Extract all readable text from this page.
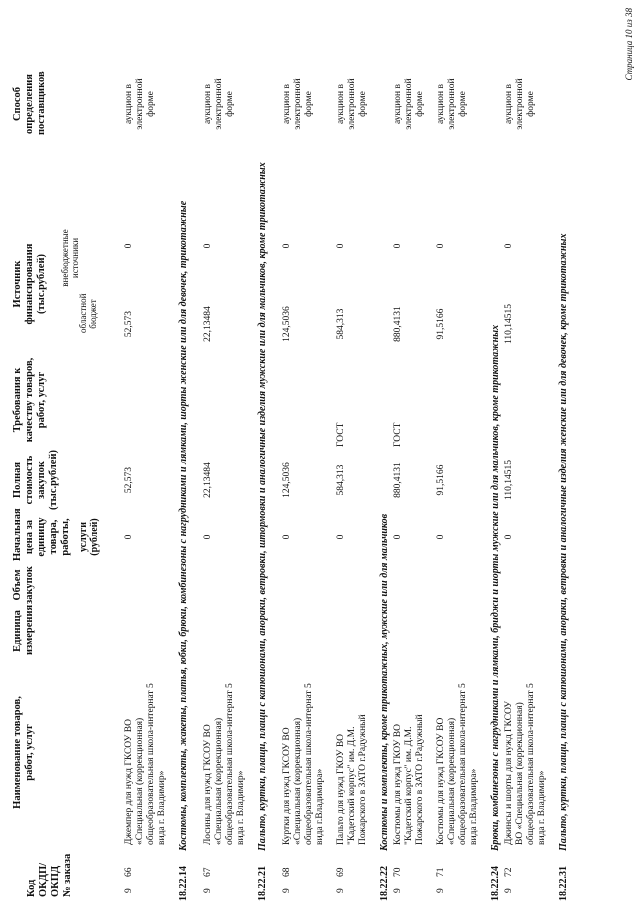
Код
ОКДП/
ОКПД
№ заказа
Наименование товаров,
работ, услуг
Единица
измерения
Объем
закупок
Начальная
цена за
единицу
товара,
работы, услуги
(рублей)
Полная
стоимость
закупок
(тыс.рублей)
Требования к
качеству товаров,
работ, услуг
Источник
финансирования
(тыс.рублей)	областной
бюджет
внебюджетные
источники
Способ
определения
поставщиков
9
66
Джемпер для нужд ГКСОУ ВО
«Специальная (коррекционная)
общеобразовательная школа-интернат 5
вида г. Владимир»
0
52,573
52,573
0
аукцион в
электронной
форме
18.22.14Костюмы, комплекты, жакеты, платья, юбки, брюки, комбинезоны с нагрудниками и лямками, шорты женские или для девочек, трикотажные
9
67
Лосины для нужд ГКСОУ ВО
«Специальная (коррекционная)
общеобразовательная школа-интернат 5
вида г. Владимир»
0
22,13484
22,13484
0
аукцион в
электронной
форме
18.22.21Пальто, куртки, плащи, плащи с капюшонами, анораки, ветровки, штормовки и аналогичные изделия мужские или для мальчиков, кроме трикотажных
9
68
Куртки для нужд ГКСОУ ВО
«Специальная (коррекционная)
общеобразовательная школа-интернат 5
вида г.Владимира»
0
124,5036
124,5036
0
аукцион в
электронной
форме
9
69
Пальто для нужд ГКОУ ВО
"Кадетский корпус" им. Д.М.
Пожарского в ЗАТО г.Радужный
0
584,313
ГОСТ
584,313
0
аукцион в
электронной
форме
18.22.22Костюмы и комплекты, кроме трикотажных, мужские или для мальчиков
9
70
Костюмы для нужд ГКОУ ВО
"Кадетский корпус" им. Д.М.
Пожарского в ЗАТО г.Радужный
0
880,4131
ГОСТ
880,4131
0
аукцион в
электронной
форме
9
71
Костюмы для нужд ГКСОУ ВО
«Специальная (коррекционная)
общеобразовательная школа-интернат 5
вида г.Владимира»
0
91,5166
91,5166
0
аукцион в
электронной
форме
18.22.24Брюки, комбинезоны с нагрудниками и лямками, бриджи и шорты мужские или для мальчиков, кроме трикотажных
9
72
Джинсы и шорты для нужд ГКСОУ
ВО «Специальная (коррекционная)
общеобразовательная школа-интернат 5
вида г. Владимир»
0
110,14515
110,14515
0
аукцион в
электронной
форме
18.22.31Пальто, куртки, плащи, плащи с капюшонами, анораки, ветровки и аналогичные изделия женские или для девочек, кроме трикотажных
Страница 10 из 38
